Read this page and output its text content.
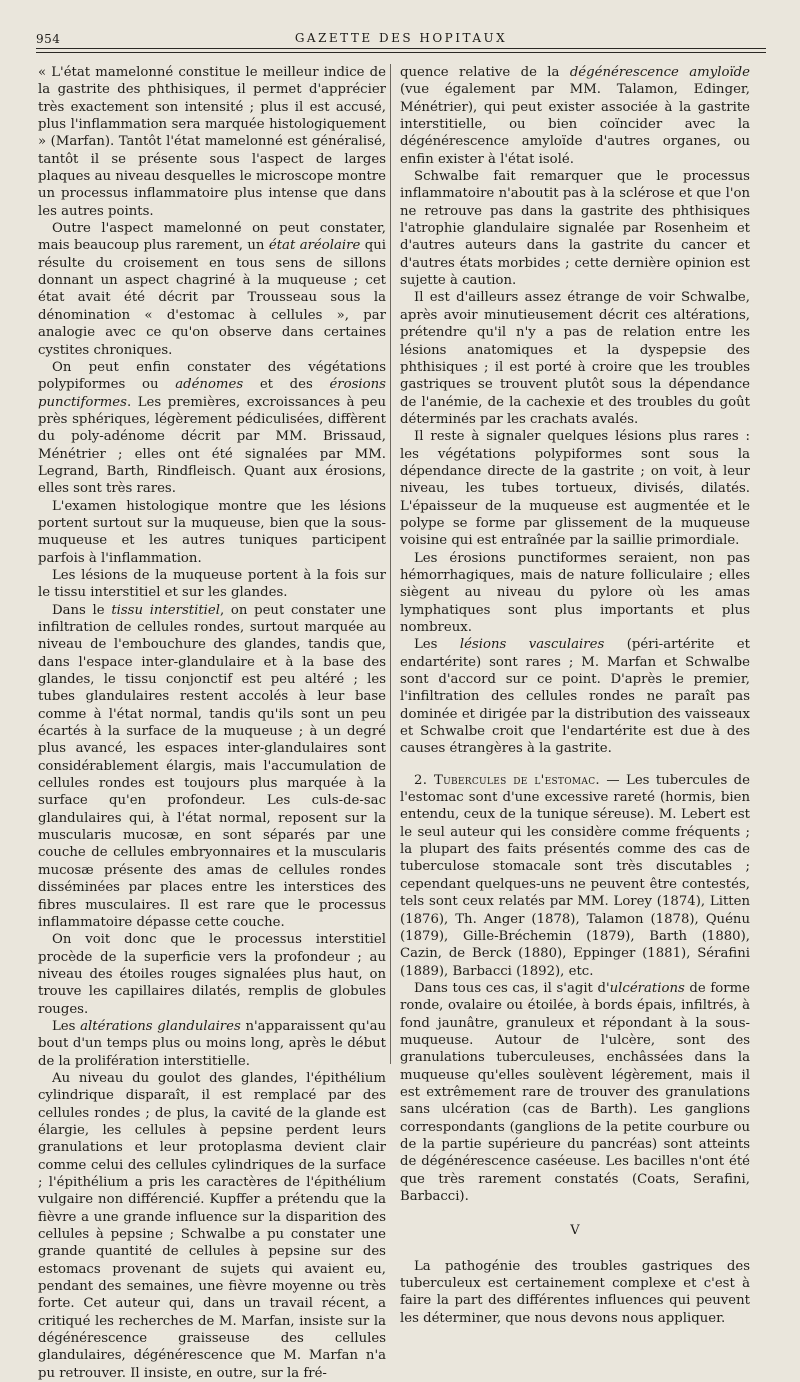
954	GAZETTE DES HOPITAUX

« L'état mamelonné constitue le meilleur indice de la gastrite des phthisiques, il permet d'apprécier très exactement son intensité ; plus il est accusé, plus l'inflammation sera marquée histologiquement » (Marfan). Tantôt l'état mamelonné est généralisé, tantôt il se présente sous l'aspect de larges plaques au niveau desquelles le microscope montre un processus inflammatoire plus intense que dans les autres points.

Outre l'aspect mamelonné on peut constater, mais beaucoup plus rarement, un état aréolaire qui résulte du croisement en tous sens de sillons donnant un aspect chagriné à la muqueuse ; cet état avait été décrit par Trousseau sous la dénomination « d'estomac à cellules », par analogie avec ce qu'on observe dans certaines cystites chroniques.

On peut enfin constater des végétations polypiformes ou adénomes et des érosions punctiformes. Les premières, excroissances à peu près sphériques, légèrement pédiculisées, diffèrent du poly-adénome décrit par MM. Brissaud, Ménétrier ; elles ont été signalées par MM. Legrand, Barth, Rindfleisch. Quant aux érosions, elles sont très rares.

L'examen histologique montre que les lésions portent surtout sur la muqueuse, bien que la sous-muqueuse et les autres tuniques participent parfois à l'inflammation.

Les lésions de la muqueuse portent à la fois sur le tissu interstitiel et sur les glandes.

Dans le tissu interstitiel, on peut constater une infiltration de cellules rondes, surtout marquée au niveau de l'embouchure des glandes, tandis que, dans l'espace inter-glandulaire et à la base des glandes, le tissu conjonctif est peu altéré ; les tubes glandulaires restent accolés à leur base comme à l'état normal, tandis qu'ils sont un peu écartés à la surface de la muqueuse ; à un degré plus avancé, les espaces inter-glandulaires sont considérablement élargis, mais l'accumulation de cellules rondes est toujours plus marquée à la surface qu'en profondeur. Les culs-de-sac glandulaires qui, à l'état normal, reposent sur la muscularis mucosæ, en sont séparés par une couche de cellules embryonnaires et la muscularis mucosæ présente des amas de cellules rondes disséminées par places entre les interstices des fibres musculaires. Il est rare que le processus inflammatoire dépasse cette couche.

On voit donc que le processus interstitiel procède de la superficie vers la profondeur ; au niveau des étoiles rouges signalées plus haut, on trouve les capillaires dilatés, remplis de globules rouges.

Les altérations glandulaires n'apparaissent qu'au bout d'un temps plus ou moins long, après le début de la prolifération interstitielle.

Au niveau du goulot des glandes, l'épithélium cylindrique disparaît, il est remplacé par des cellules rondes ; de plus, la cavité de la glande est élargie, les cellules à pepsine perdent leurs granulations et leur protoplasma devient clair comme celui des cellules cylindriques de la surface ; l'épithélium a pris les caractères de l'épithélium vulgaire non différencié. Kupffer a prétendu que la fièvre a une grande influence sur la disparition des cellules à pepsine ; Schwalbe a pu constater une grande quantité de cellules à pepsine sur des estomacs provenant de sujets qui avaient eu, pendant des semaines, une fièvre moyenne ou très forte. Cet auteur qui, dans un travail récent, a critiqué les recherches de M. Marfan, insiste sur la dégénérescence graisseuse des cellules glandulaires, dégénérescence que M. Marfan n'a pu retrouver. Il insiste, en outre, sur la fré-

quence relative de la dégénérescence amyloïde (vue également par MM. Talamon, Edinger, Ménétrier), qui peut exister associée à la gastrite interstitielle, ou bien coïncider avec la dégénérescence amyloïde d'autres organes, ou enfin exister à l'état isolé.

Schwalbe fait remarquer que le processus inflammatoire n'aboutit pas à la sclérose et que l'on ne retrouve pas dans la gastrite des phthisiques l'atrophie glandulaire signalée par Rosenheim et d'autres auteurs dans la gastrite du cancer et d'autres états morbides ; cette dernière opinion est sujette à caution.

Il est d'ailleurs assez étrange de voir Schwalbe, après avoir minutieusement décrit ces altérations, prétendre qu'il n'y a pas de relation entre les lésions anatomiques et la dyspepsie des phthisiques ; il est porté à croire que les troubles gastriques se trouvent plutôt sous la dépendance de l'anémie, de la cachexie et des troubles du goût déterminés par les crachats avalés.

Il reste à signaler quelques lésions plus rares : les végétations polypiformes sont sous la dépendance directe de la gastrite ; on voit, à leur niveau, les tubes tortueux, divisés, dilatés. L'épaisseur de la muqueuse est augmentée et le polype se forme par glissement de la muqueuse voisine qui est entraînée par la saillie primordiale.

Les érosions punctiformes seraient, non pas hémorrhagiques, mais de nature folliculaire ; elles siègent au niveau du pylore où les amas lymphatiques sont plus importants et plus nombreux.

Les lésions vasculaires (péri-artérite et endartérite) sont rares ; M. Marfan et Schwalbe sont d'accord sur ce point. D'après le premier, l'infiltration des cellules rondes ne paraît pas dominée et dirigée par la distribution des vaisseaux et Schwalbe croit que l'endartérite est due à des causes étrangères à la gastrite.

2. Tubercules de l'estomac. — Les tubercules de l'estomac sont d'une excessive rareté (hormis, bien entendu, ceux de la tunique séreuse). M. Lebert est le seul auteur qui les considère comme fréquents ; la plupart des faits présentés comme des cas de tuberculose stomacale sont très discutables ; cependant quelques-uns ne peuvent être contestés, tels sont ceux relatés par MM. Lorey (1874), Litten (1876), Th. Anger (1878), Talamon (1878), Quénu (1879), Gille-Bréchemin (1879), Barth (1880), Cazin, de Berck (1880), Eppinger (1881), Sérafini (1889), Barbacci (1892), etc.

Dans tous ces cas, il s'agit d'ulcérations de forme ronde, ovalaire ou étoilée, à bords épais, infiltrés, à fond jaunâtre, granuleux et répondant à la sous-muqueuse. Autour de l'ulcère, sont des granulations tuberculeuses, enchâssées dans la muqueuse qu'elles soulèvent légèrement, mais il est extrêmement rare de trouver des granulations sans ulcération (cas de Barth). Les ganglions correspondants (ganglions de la petite courbure ou de la partie supérieure du pancréas) sont atteints de dégénérescence caséeuse. Les bacilles n'ont été que très rarement constatés (Coats, Serafini, Barbacci).

V

La pathogénie des troubles gastriques des tuberculeux est certainement complexe et c'est à faire la part des différentes influences qui peuvent les déterminer, que nous devons nous appliquer.
